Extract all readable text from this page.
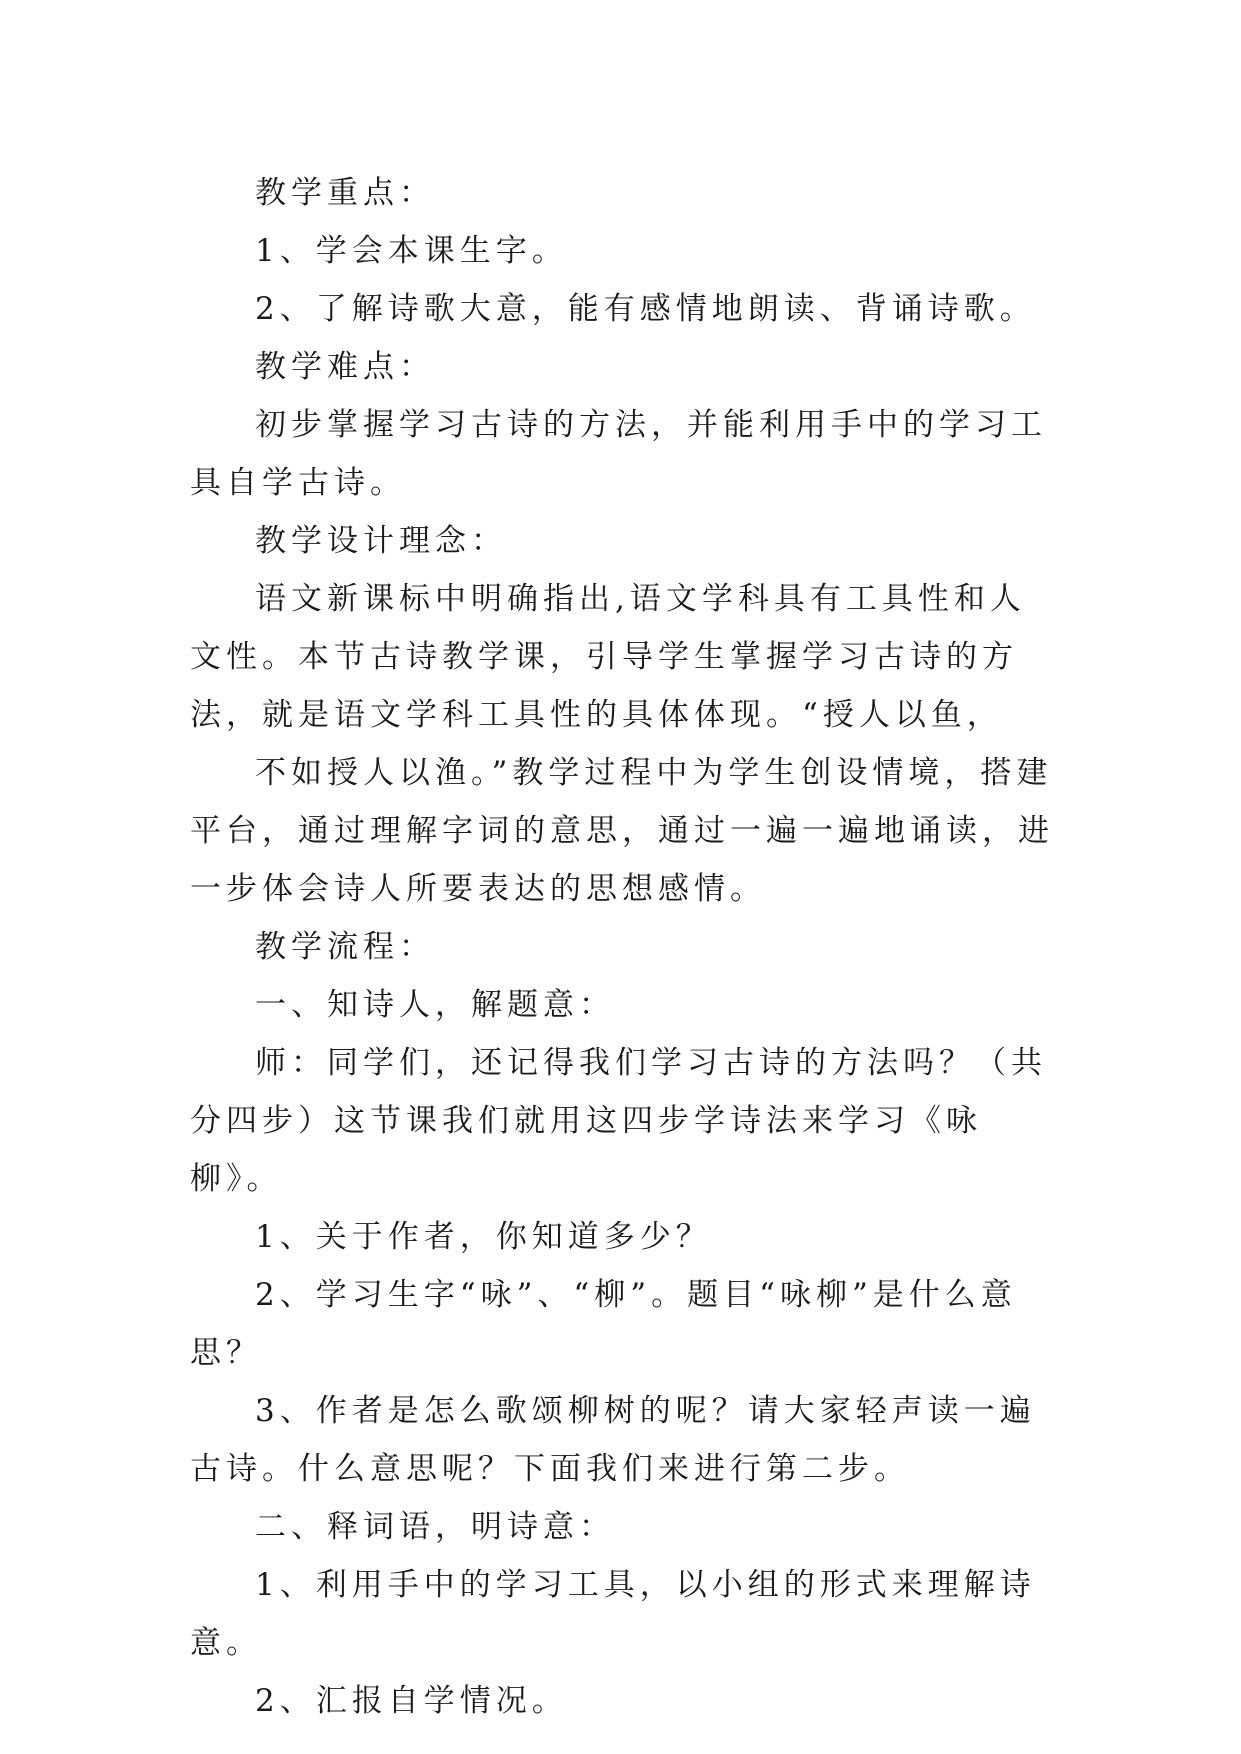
教学重点：

1、学会本课生字。

2、了解诗歌大意，能有感情地朗读、背诵诗歌。

教学难点：

初步掌握学习古诗的方法，并能利用手中的学习工具自学古诗。

教学设计理念：

语文新课标中明确指出,语文学科具有工具性和人文性。本节古诗教学课，引导学生掌握学习古诗的方法，就是语文学科工具性的具体体现。“授人以鱼，

不如授人以渔。”教学过程中为学生创设情境，搭建平台，通过理解字词的意思，通过一遍一遍地诵读，进一步体会诗人所要表达的思想感情。

教学流程：

一、知诗人，解题意：

师：同学们，还记得我们学习古诗的方法吗？（共分四步）这节课我们就用这四步学诗法来学习《咏柳》。

1、关于作者，你知道多少？

2、学习生字“咏”、“柳”。题目“咏柳”是什么意思？

3、作者是怎么歌颂柳树的呢？请大家轻声读一遍古诗。什么意思呢？下面我们来进行第二步。

二、释词语，明诗意：

1、利用手中的学习工具，以小组的形式来理解诗意。

2、汇报自学情况。
